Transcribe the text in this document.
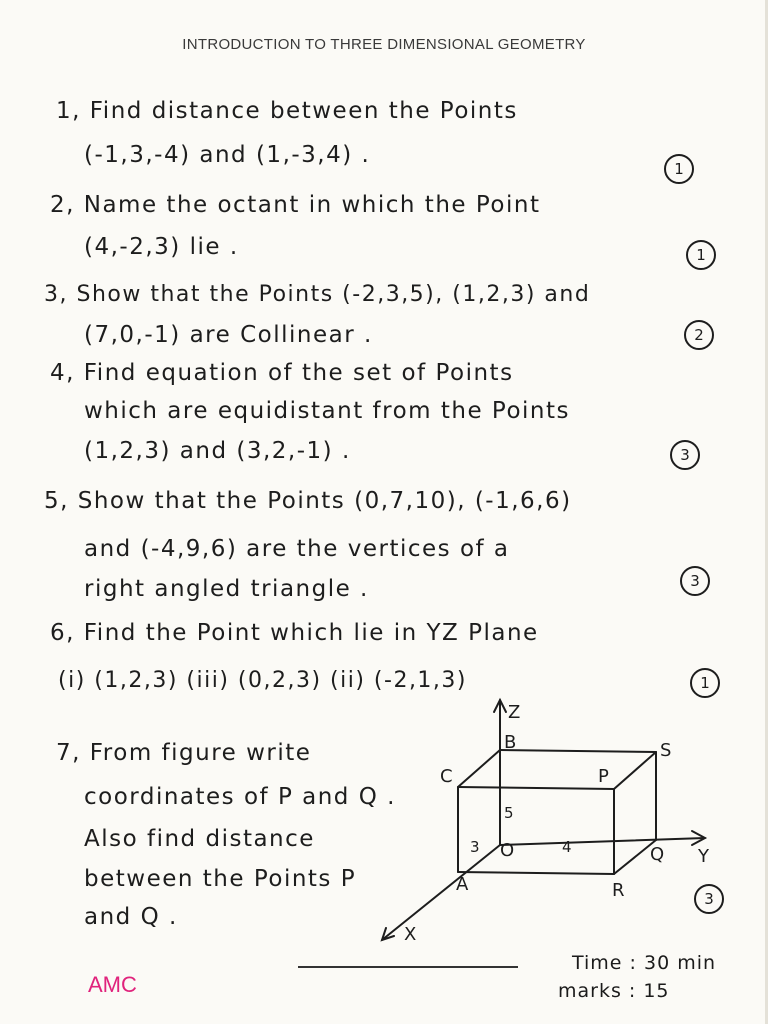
INTRODUCTION TO THREE DIMENSIONAL GEOMETRY
1, Find distance between the Points
(-1,3,-4) and (1,-3,4) .
1
2, Name the octant in which the Point
(4,-2,3) lie .	1
3, Show that the Points (-2,3,5), (1,2,3) and
(7,0,-1) are Collinear .	2
4, Find equation of the set of Points
which are equidistant from the Points
(1,2,3) and (3,2,-1) .	3
5, Show that the Points (0,7,10), (-1,6,6)
and (-4,9,6) are the vertices of a
right angled triangle .	3
6, Find the Point which lie in YZ Plane
(i) (1,2,3) (iii) (0,2,3) (ii) (-2,1,3)	1
7, From figure write
coordinates of P and Q .
Also find distance
between the Points P
and Q .
3
Z
B	S
C	P
5
3 O	4	Q Y
A	R
X
AMC
Time : 30 min
marks : 15
